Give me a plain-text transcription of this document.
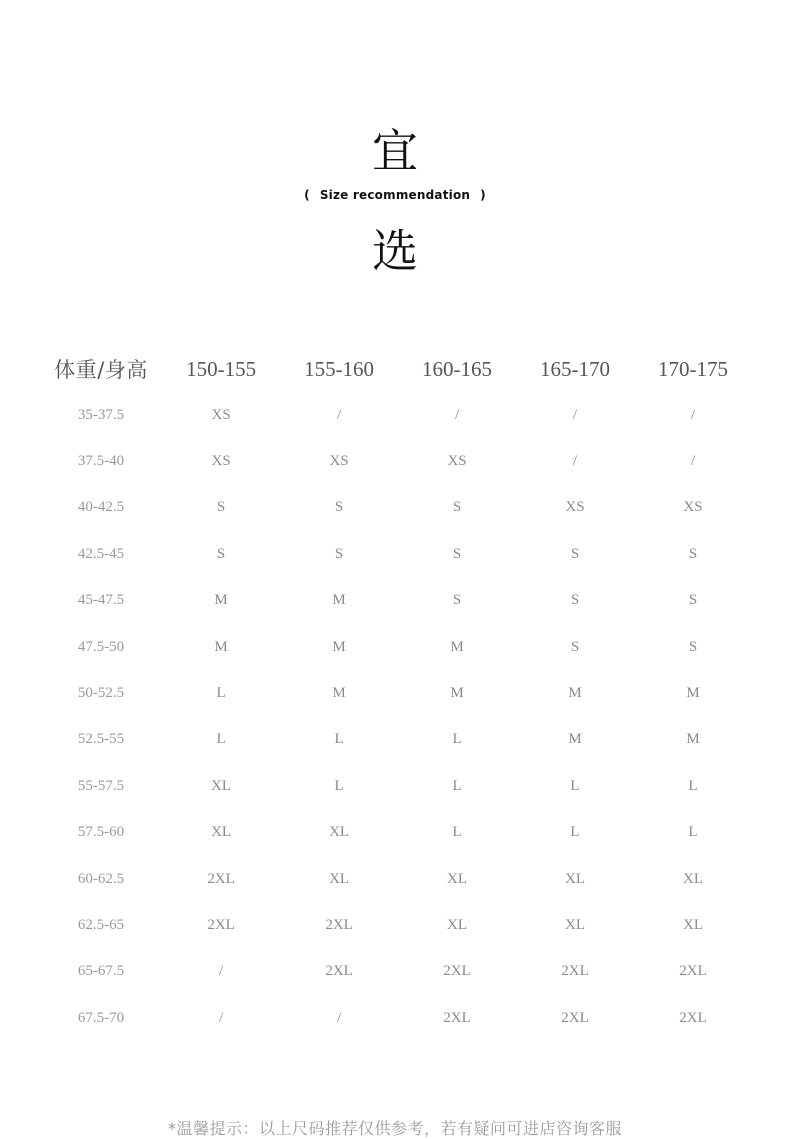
宜
( Size recommendation )
选
体重/身高	150-155	155-160	160-165	165-170	170-175
35-37.5	XS	/	/	/	/
37.5-40	XS	XS	XS	/	/
40-42.5	S	S	S	XS	XS
42.5-45	S	S	S	S	S
45-47.5	M	M	S	S	S
47.5-50	M	M	M	S	S
50-52.5	L	M	M	M	M
52.5-55	L	L	L	M	M
55-57.5	XL	L	L	L	L
57.5-60	XL	XL	L	L	L
60-62.5	2XL	XL	XL	XL	XL
62.5-65	2XL	2XL	XL	XL	XL
65-67.5	/	2XL	2XL	2XL	2XL
67.5-70	/	/	2XL	2XL	2XL
*温馨提示：以上尺码推荐仅供参考，若有疑问可进店咨询客服
